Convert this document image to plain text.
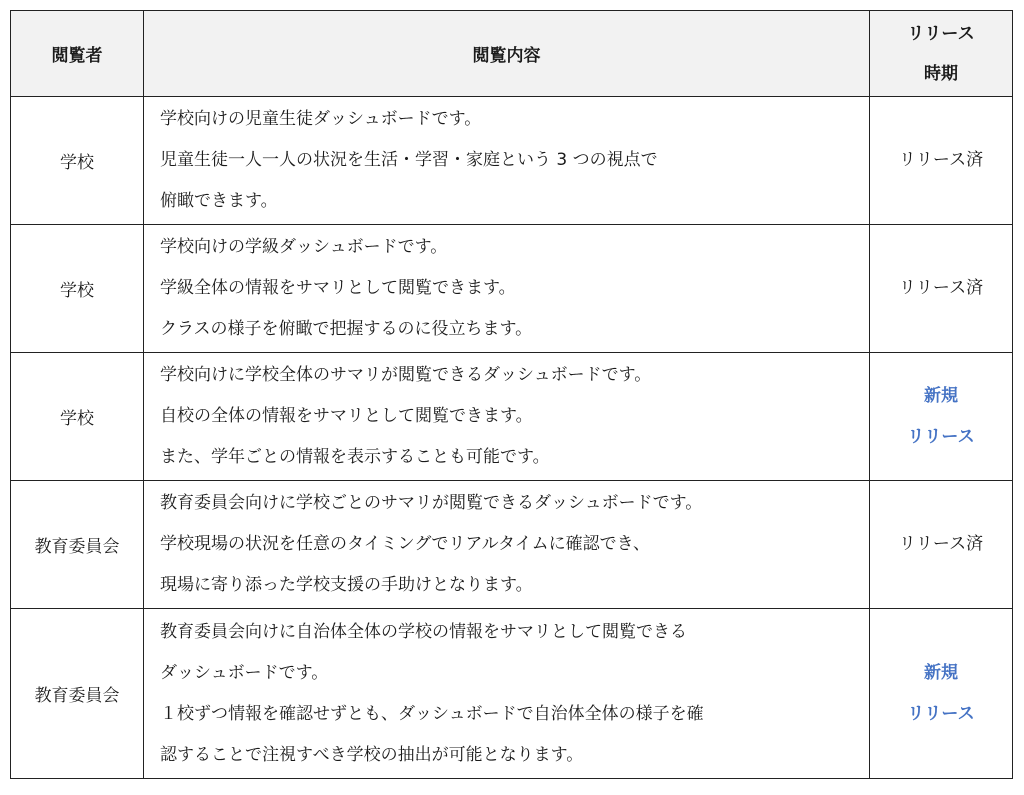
閲覧者	閲覧内容	リリース
時期

学校	学校向けの児童生徒ダッシュボードです。
児童生徒一人一人の状況を生活・学習・家庭という 3 つの視点で
俯瞰できます。	リリース済

学校	学校向けの学級ダッシュボードです。
学級全体の情報をサマリとして閲覧できます。
クラスの様子を俯瞰で把握するのに役立ちます。	リリース済

学校	学校向けに学校全体のサマリが閲覧できるダッシュボードです。
自校の全体の情報をサマリとして閲覧できます。
また、学年ごとの情報を表示することも可能です。	新規
リリース

教育委員会	教育委員会向けに学校ごとのサマリが閲覧できるダッシュボードです。
学校現場の状況を任意のタイミングでリアルタイムに確認でき、
現場に寄り添った学校支援の手助けとなります。	リリース済

教育委員会	教育委員会向けに自治体全体の学校の情報をサマリとして閲覧できる
ダッシュボードです。
１校ずつ情報を確認せずとも、ダッシュボードで自治体全体の様子を確
認することで注視すべき学校の抽出が可能となります。	新規
リリース
